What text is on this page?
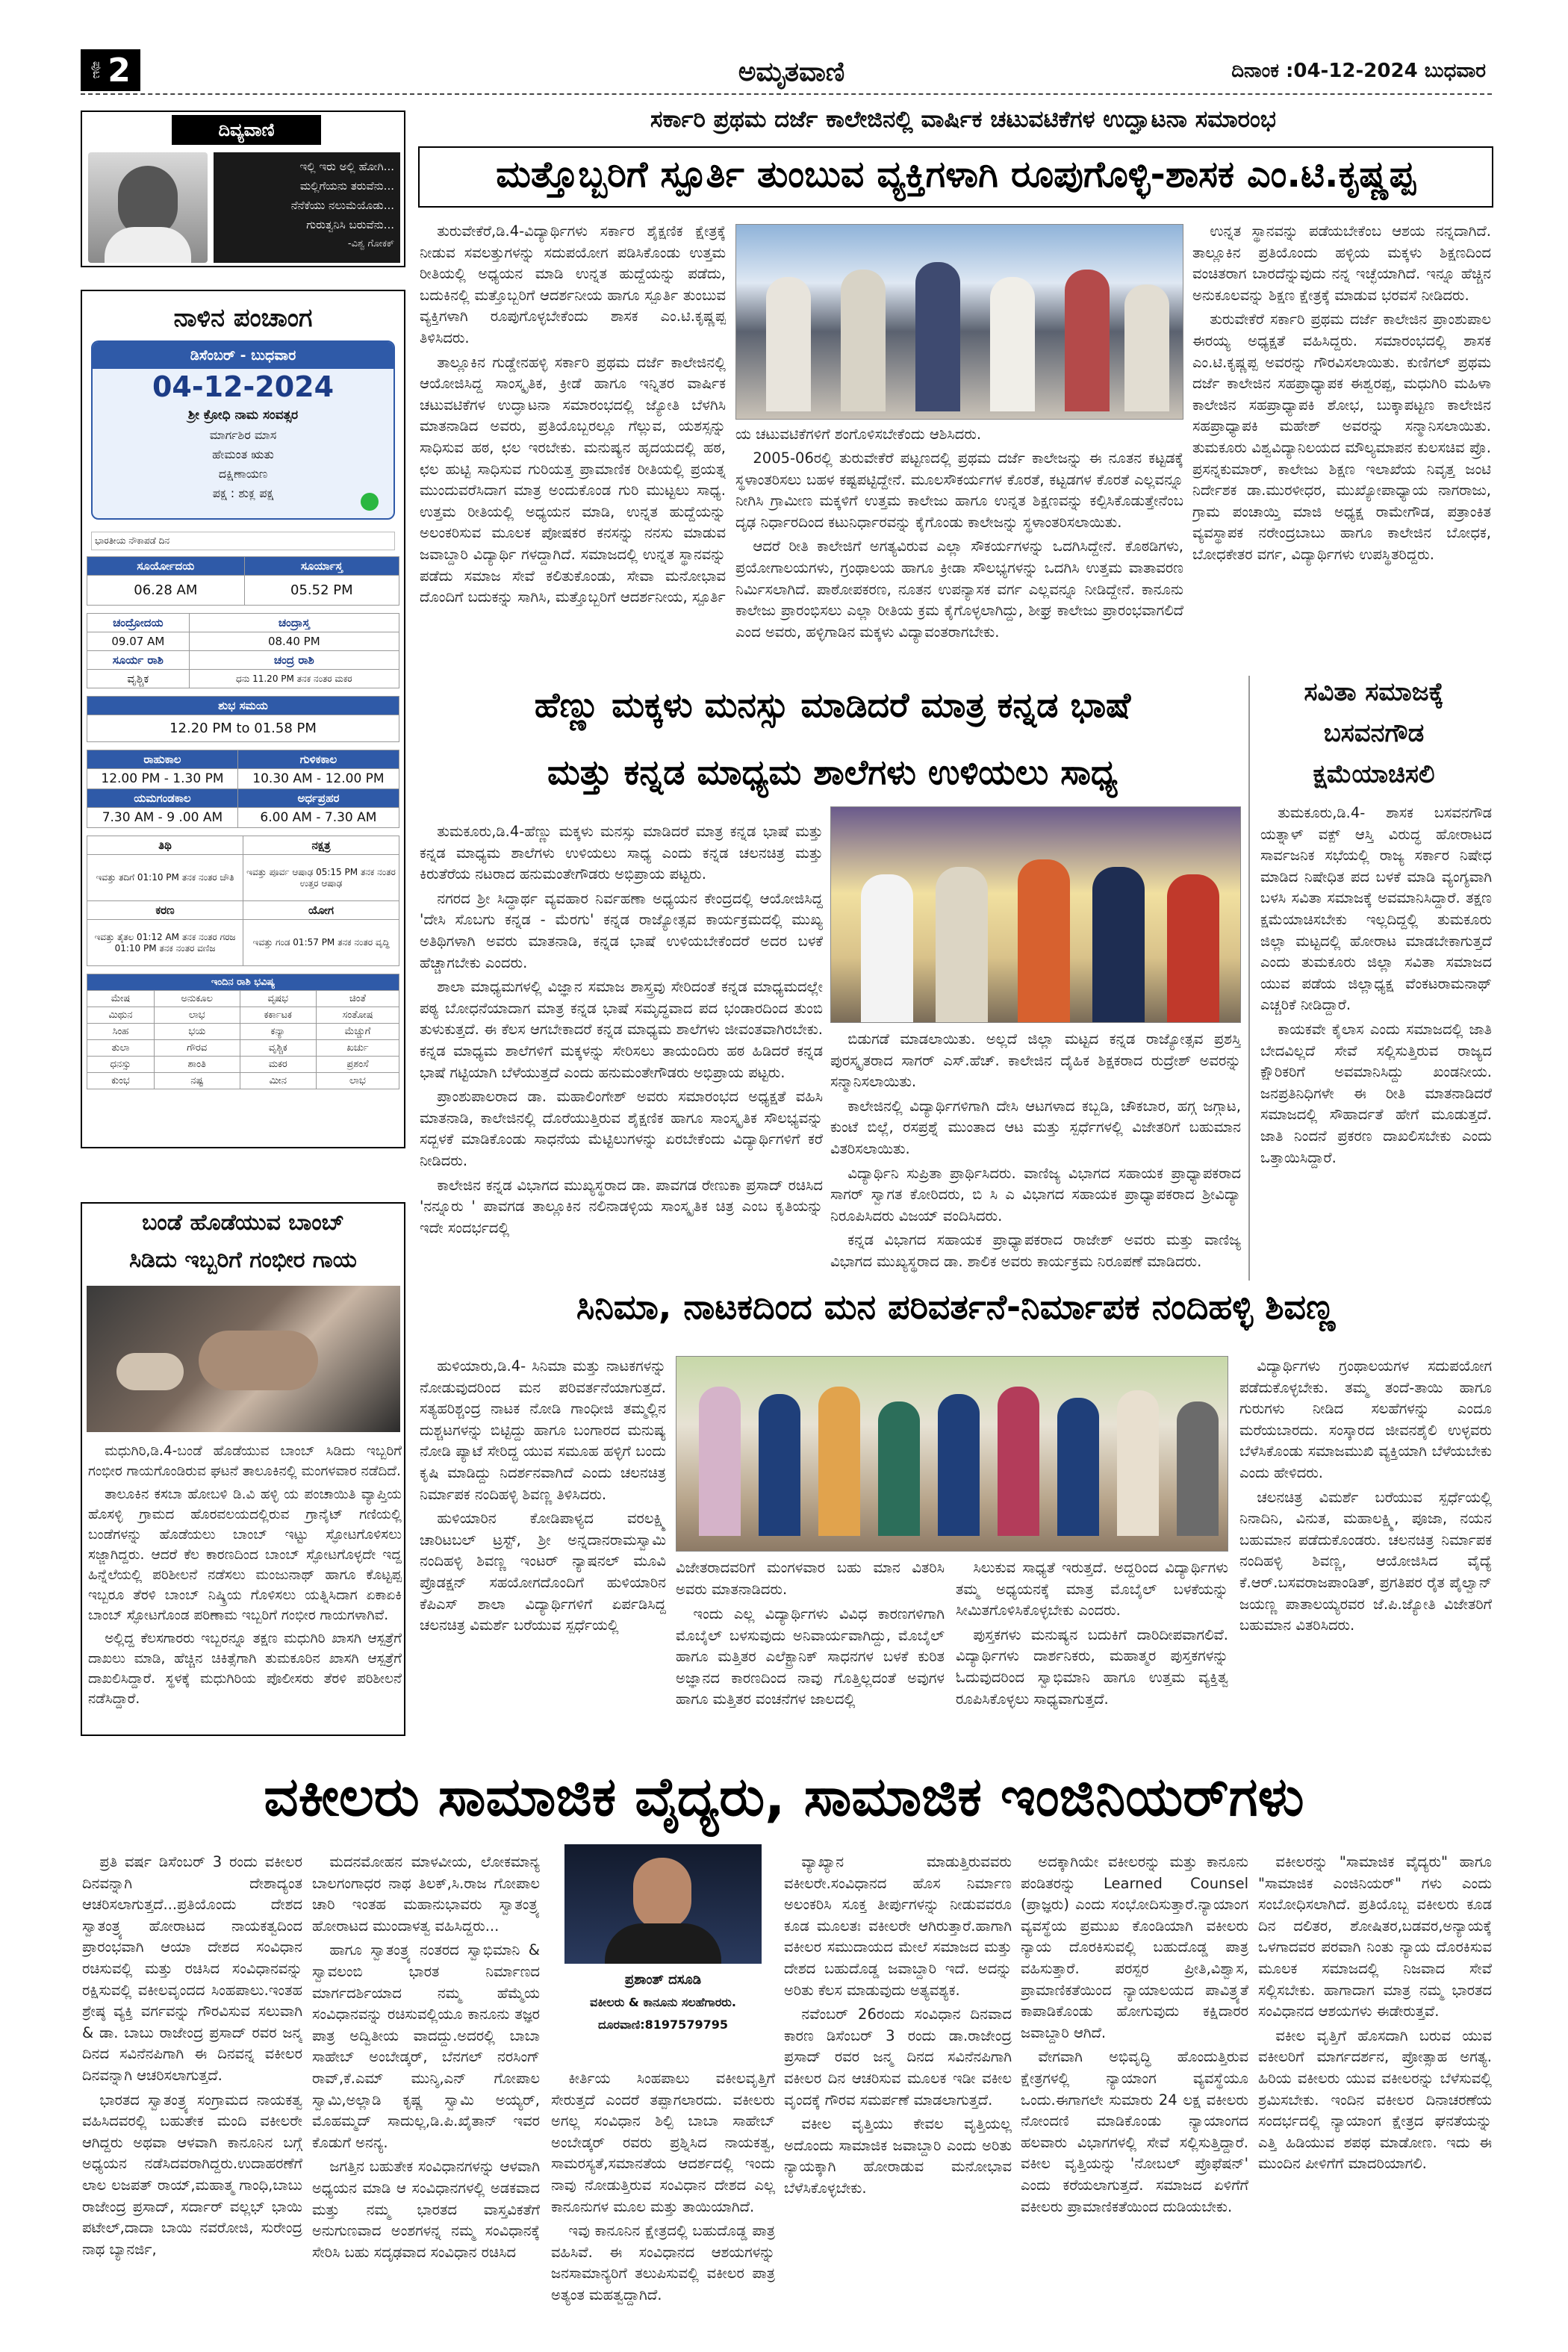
ಪುಟ 2	ಅಮೃತವಾಣಿ	ದಿನಾಂಕ :04-12-2024 ಬುಧವಾರ
ದಿವ್ಯವಾಣಿ
ಇಲ್ಲಿ ಇರು ಅಲ್ಲಿ ಹೋಗಿ...
ಮಲ್ಲಿಗೆಯನು ತರುವೆನು...
ನೆನೆಕೆಯು ನಲುಮೆಯೊಡು...
ಗುರುತ್ವನಿಸಿ ಬರುವೆನು...
-ವಿಶ್ವ ಗೋಕಕ್
ನಾಳಿನ ಪಂಚಾಂಗ
ಡಿಸೆಂಬರ್ - ಬುಧವಾರ
04-12-2024
ಶ್ರೀ ಕ್ರೋಧಿ ನಾಮ ಸಂವತ್ಸರ
ಮಾರ್ಗಶಿರ ಮಾಸ
ಹೇಮಂತ ಋತು
ದಕ್ಷಿಣಾಯಣ
ಪಕ್ಷ : ಶುಕ್ಲ ಪಕ್ಷ
ಭಾರತೀಯ ನೌಕಾಪಡೆ ದಿನ
ಸೂರ್ಯೋದಯ	ಸೂರ್ಯಾಸ್ತ
06.28 AM	05.52 PM
ಚಂದ್ರೋದಯ	ಚಂದ್ರಾಸ್ತ
09.07 AM	08.40 PM
ಸೂರ್ಯ ರಾಶಿ	ಚಂದ್ರ ರಾಶಿ
ವೃಶ್ಚಿಕ	ಧನು 11.20 PM ತನಕ ನಂತರ ಮಕರ
ಶುಭ ಸಮಯ
12.20 PM to 01.58 PM
ರಾಹುಕಾಲ	ಗುಳಿಕಕಾಲ
12.00 PM - 1.30 PM	10.30 AM - 12.00 PM
ಯಮಗಂಡಕಾಲ	ಅರ್ಧಪ್ರಹರ
7.30 AM - 9 .00 AM	6.00 AM - 7.30 AM
ತಿಥಿ	ನಕ್ಷತ್ರ
ಇವತ್ತು ತದಿಗೆ 01:10 PM ತನಕ ನಂತರ ಚೌತಿ	ಇವತ್ತು ಪೂರ್ವ ಆಷಾಢ 05:15 PM ತನಕ ನಂತರ ಉತ್ತರ ಆಷಾಢ
ಕರಣ	ಯೋಗ
ಇವತ್ತು ತೈತಲ 01:12 AM ತನಕ ನಂತರ ಗರಜ 01:10 PM ತನಕ ನಂತರ ವಣಿಜ	ಇವತ್ತು ಗಂಡ 01:57 PM ತನಕ ನಂತರ ವೃದ್ಧಿ
ಇಂದಿನ ರಾಶಿ ಭವಿಷ್ಯ			
ಮೇಷ	ಅನುಕೂಲ	ವೃಷಭ	ಚಿಂತೆ
ಮಿಥುನ	ಲಾಭ	ಕರ್ಕಾಟಕ	ಸಂತೋಷ
ಸಿಂಹ	ಭಯ	ಕನ್ಯಾ	ಮೆಚ್ಚುಗೆ
ತುಲಾ	ಗೌರವ	ವೃಶ್ಚಿಕ	ಖರ್ಚು
ಧನಸ್ಸು	ಶಾಂತಿ	ಮಕರ	ಪ್ರಶಂಸೆ
ಕುಂಭ	ನಷ್ಟ	ಮೀನ	ಲಾಭ
ಬಂಡೆ ಹೊಡೆಯುವ ಬಾಂಬ್
ಸಿಡಿದು ಇಬ್ಬರಿಗೆ ಗಂಭೀರ ಗಾಯ

ಮಧುಗಿರಿ,ಡಿ.4-ಬಂಡೆ ಹೊಡೆಯುವ ಬಾಂಬ್ ಸಿಡಿದು ಇಬ್ಬರಿಗೆ ಗಂಭೀರ ಗಾಯಗೊಂಡಿರುವ ಘಟನೆ ತಾಲೂಕಿನಲ್ಲಿ ಮಂಗಳವಾರ ನಡೆದಿದೆ.

ತಾಲೂಕಿನ ಕಸಬಾ ಹೋಬಳಿ ಡಿ.ವಿ ಹಳ್ಳಿ ಯ ಪಂಚಾಯಿತಿ ವ್ಯಾಪ್ತಿಯ ಹೊಸಳ್ಳಿ ಗ್ರಾಮದ ಹೊರವಲಯದಲ್ಲಿರುವ ಗ್ರಾನೈಟ್ ಗಣಿಯಲ್ಲಿ ಬಂಡೆಗಳನ್ನು ಹೊಡೆಯಲು ಬಾಂಬ್ ಇಟ್ಟು ಸ್ಫೋಟಗೊಳಿಸಲು ಸಜ್ಜಾಗಿದ್ದರು. ಆದರೆ ಕೆಲ ಕಾರಣದಿಂದ ಬಾಂಬ್ ಸ್ಫೋಟಗೊಳ್ಳದೇ ಇದ್ದ ಹಿನ್ನೆಲೆಯಲ್ಲಿ ಪರಿಶೀಲನೆ ನಡೆಸಲು ಮಂಜುನಾಥ್ ಹಾಗೂ ಕೊಟ್ಟಪ್ಪ ಇಬ್ಬರೂ ತೆರಳಿ ಬಾಂಬ್ ನಿಷ್ಕ್ರಿಯ ಗೊಳಿಸಲು ಯತ್ನಿಸಿದಾಗ ಏಕಾಏಕಿ ಬಾಂಬ್ ಸ್ಫೋಟಗೊಂಡ ಪರಿಣಾಮ ಇಬ್ಬರಿಗೆ ಗಂಭೀರ ಗಾಯಗಳಾಗಿವೆ.

ಅಲ್ಲಿದ್ದ ಕೆಲಸಗಾರರು ಇಬ್ಬರನ್ನೂ ತಕ್ಷಣ ಮಧುಗಿರಿ ಖಾಸಗಿ ಆಸ್ಪತ್ರೆಗೆ ದಾಖಲು ಮಾಡಿ, ಹೆಚ್ಚಿನ ಚಿಕಿತ್ಸೆಗಾಗಿ ತುಮಕೂರಿನ ಖಾಸಗಿ ಆಸ್ಪತ್ರೆಗೆ ದಾಖಲಿಸಿದ್ದಾರೆ. ಸ್ಥಳಕ್ಕೆ ಮಧುಗಿರಿಯ ಪೊಲೀಸರು ತೆರಳಿ ಪರಿಶೀಲನೆ ನಡೆಸಿದ್ದಾರೆ.

ಸರ್ಕಾರಿ ಪ್ರಥಮ ದರ್ಜೆ ಕಾಲೇಜಿನಲ್ಲಿ ವಾರ್ಷಿಕ ಚಟುವಟಿಕೆಗಳ ಉದ್ಘಾಟನಾ ಸಮಾರಂಭ
ಮತ್ತೊಬ್ಬರಿಗೆ ಸ್ಪೂರ್ತಿ ತುಂಬುವ ವ್ಯಕ್ತಿಗಳಾಗಿ ರೂಪುಗೊಳ್ಳಿ-ಶಾಸಕ ಎಂ.ಟಿ.ಕೃಷ್ಣಪ್ಪ

ತುರುವೇಕೆರೆ,ಡಿ.4-ವಿದ್ಯಾರ್ಥಿಗಳು ಸರ್ಕಾರ ಶೈಕ್ಷಣಿಕ ಕ್ಷೇತ್ರಕ್ಕೆ ನೀಡುವ ಸವಲತ್ತುಗಳನ್ನು ಸದುಪಯೋಗ ಪಡಿಸಿಕೊಂಡು ಉತ್ತಮ ರೀತಿಯಲ್ಲಿ ಅಧ್ಯಯನ ಮಾಡಿ ಉನ್ನತ ಹುದ್ದೆಯನ್ನು ಪಡೆದು, ಬದುಕಿನಲ್ಲಿ ಮತ್ತೊಬ್ಬರಿಗೆ ಆದರ್ಶನೀಯ ಹಾಗೂ ಸ್ಪೂರ್ತಿ ತುಂಬುವ ವ್ಯಕ್ತಿಗಳಾಗಿ ರೂಪುಗೊಳ್ಳಬೇಕೆಂದು ಶಾಸಕ ಎಂ.ಟಿ.ಕೃಷ್ಣಪ್ಪ ತಿಳಿಸಿದರು.

ತಾಲ್ಲೂಕಿನ ಗುಡ್ಡೇನಹಳ್ಳಿ ಸರ್ಕಾರಿ ಪ್ರಥಮ ದರ್ಜೆ ಕಾಲೇಜಿನಲ್ಲಿ ಆಯೋಜಿಸಿದ್ದ ಸಾಂಸ್ಕೃತಿಕ, ಕ್ರೀಡೆ ಹಾಗೂ ಇನ್ನಿತರ ವಾರ್ಷಿಕ ಚಟುವಟಿಕೆಗಳ ಉದ್ಘಾಟನಾ ಸಮಾರಂಭದಲ್ಲಿ ಜ್ಯೋತಿ ಬೆಳಗಿಸಿ ಮಾತನಾಡಿದ ಅವರು, ಪ್ರತಿಯೊಬ್ಬರಲ್ಲೂ ಗೆಲ್ಲುವ, ಯಶಸ್ಸನ್ನು ಸಾಧಿಸುವ ಹಠ, ಛಲ ಇರಬೇಕು. ಮನುಷ್ಯನ ಹೃದಯದಲ್ಲಿ ಹಠ, ಛಲ ಹುಟ್ಟಿ ಸಾಧಿಸುವ ಗುರಿಯತ್ತ ಪ್ರಾಮಾಣಿಕ ರೀತಿಯಲ್ಲಿ ಪ್ರಯತ್ನ ಮುಂದುವರೆಸಿದಾಗ ಮಾತ್ರ ಅಂದುಕೊಂಡ ಗುರಿ ಮುಟ್ಟಲು ಸಾಧ್ಯ. ಉತ್ತಮ ರೀತಿಯಲ್ಲಿ ಅಧ್ಯಯನ ಮಾಡಿ, ಉನ್ನತ ಹುದ್ದೆಯನ್ನು ಅಲಂಕರಿಸುವ ಮೂಲಕ ಪೋಷಕರ ಕನಸನ್ನು ನನಸು ಮಾಡುವ ಜವಾಬ್ದಾರಿ ವಿದ್ಯಾರ್ಥಿ ಗಳದ್ದಾಗಿದೆ. ಸಮಾಜದಲ್ಲಿ ಉನ್ನತ ಸ್ಥಾನವನ್ನು ಪಡೆದು ಸಮಾಜ ಸೇವೆ ಕಲಿತುಕೊಂಡು, ಸೇವಾ ಮನೋಭಾವ ದೊಂದಿಗೆ ಬದುಕನ್ನು ಸಾಗಿಸಿ, ಮತ್ತೊಬ್ಬರಿಗೆ ಆದರ್ಶನೀಯ, ಸ್ಪೂರ್ತಿ

ಯ ಚಟುವಟಿಕೆಗಳಿಗೆ ಶಂಗೊಳಿಸಬೇಕೆಂದು ಆಶಿಸಿದರು.

2005-06ರಲ್ಲಿ ತುರುವೇಕೆರೆ ಪಟ್ಟಣದಲ್ಲಿ ಪ್ರಥಮ ದರ್ಜೆ ಕಾಲೇಜನ್ನು ಈ ನೂತನ ಕಟ್ಟಡಕ್ಕೆ ಸ್ಥಳಾಂತರಿಸಲು ಬಹಳ ಕಷ್ಟಪಟ್ಟಿದ್ದೇನೆ. ಮೂಲಸೌಕರ್ಯಗಳ ಕೊರತೆ, ಕಟ್ಟಡಗಳ ಕೊರತೆ ಎಲ್ಲವನ್ನೂ ನೀಗಿಸಿ ಗ್ರಾಮೀಣ ಮಕ್ಕಳಿಗೆ ಉತ್ತಮ ಕಾಲೇಜು ಹಾಗೂ ಉನ್ನತ ಶಿಕ್ಷಣವನ್ನು ಕಲ್ಪಿಸಿಕೊಡುತ್ತೇನೆಂಬ ದೃಢ ನಿರ್ಧಾರದಿಂದ ಕಟುನಿರ್ಧಾರವನ್ನು ಕೈಗೊಂಡು ಕಾಲೇಜನ್ನು ಸ್ಥಳಾಂತರಿಸಲಾಯಿತು.

ಆದರೆ ರೀತಿ ಕಾಲೇಜಿಗೆ ಅಗತ್ಯವಿರುವ ಎಲ್ಲಾ ಸೌಕರ್ಯಗಳನ್ನು ಒದಗಿಸಿದ್ದೇನೆ. ಕೊಠಡಿಗಳು, ಪ್ರಯೋಗಾಲಯಗಳು, ಗ್ರಂಥಾಲಯ ಹಾಗೂ ಕ್ರೀಡಾ ಸೌಲಭ್ಯಗಳನ್ನು ಒದಗಿಸಿ ಉತ್ತಮ ವಾತಾವರಣ ನಿರ್ಮಿಸಲಾಗಿದೆ. ಪಾಠೋಪಕರಣ, ನೂತನ ಉಪನ್ಯಾಸಕ ವರ್ಗ ಎಲ್ಲವನ್ನೂ ನೀಡಿದ್ದೇನೆ. ಕಾನೂನು ಕಾಲೇಜು ಪ್ರಾರಂಭಿಸಲು ಎಲ್ಲಾ ರೀತಿಯ ಕ್ರಮ ಕೈಗೊಳ್ಳಲಾಗಿದ್ದು, ಶೀಘ್ರ ಕಾಲೇಜು ಪ್ರಾರಂಭವಾಗಲಿದೆ ಎಂದ ಅವರು, ಹಳ್ಳಿಗಾಡಿನ ಮಕ್ಕಳು ವಿದ್ಯಾವಂತರಾಗಬೇಕು.

ಉನ್ನತ ಸ್ಥಾನವನ್ನು ಪಡೆಯಬೇಕೆಂಬ ಆಶಯ ನನ್ನದಾಗಿದೆ. ತಾಲ್ಲೂಕಿನ ಪ್ರತಿಯೊಂದು ಹಳ್ಳಿಯ ಮಕ್ಕಳು ಶಿಕ್ಷಣದಿಂದ ವಂಚಿತರಾಗ ಬಾರದೆನ್ನುವುದು ನನ್ನ ಇಚ್ಛೆಯಾಗಿದೆ. ಇನ್ನೂ ಹೆಚ್ಚಿನ ಅನುಕೂಲವನ್ನು ಶಿಕ್ಷಣ ಕ್ಷೇತ್ರಕ್ಕೆ ಮಾಡುವ ಭರವಸೆ ನೀಡಿದರು.

ತುರುವೇಕೆರೆ ಸರ್ಕಾರಿ ಪ್ರಥಮ ದರ್ಜೆ ಕಾಲೇಜಿನ ಪ್ರಾಂಶುಪಾಲ ಈರಯ್ಯ ಅಧ್ಯಕ್ಷತೆ ವಹಿಸಿದ್ದರು. ಸಮಾರಂಭದಲ್ಲಿ ಶಾಸಕ ಎಂ.ಟಿ.ಕೃಷ್ಣಪ್ಪ ಅವರನ್ನು ಗೌರವಿಸಲಾಯಿತು. ಕುಣಿಗಲ್ ಪ್ರಥಮ ದರ್ಜೆ ಕಾಲೇಜಿನ ಸಹಪ್ರಾಧ್ಯಾಪಕ ಈಶ್ವರಪ್ಪ, ಮಧುಗಿರಿ ಮಹಿಳಾ ಕಾಲೇಜಿನ ಸಹಪ್ರಾಧ್ಯಾಪಕಿ ಶೋಭ, ಬುಕ್ಕಾಪಟ್ಟಣ ಕಾಲೇಜಿನ ಸಹಪ್ರಾಧ್ಯಾಪಕಿ ಮಹೇಶ್ ಅವರನ್ನು ಸನ್ಮಾನಿಸಲಾಯಿತು. ತುಮಕೂರು ವಿಶ್ವವಿದ್ಯಾನಿಲಯದ ಮೌಲ್ಯಮಾಪನ ಕುಲಸಚಿವ ಪ್ರೊ. ಪ್ರಸನ್ನಕುಮಾರ್, ಕಾಲೇಜು ಶಿಕ್ಷಣ ಇಲಾಖೆಯ ನಿವೃತ್ತ ಜಂಟಿ ನಿರ್ದೇಶಕ ಡಾ.ಮುರಳೀಧರ, ಮುಖ್ಯೋಪಾಧ್ಯಾಯ ನಾಗರಾಜು, ಗ್ರಾಮ ಪಂಚಾಯ್ತಿ ಮಾಜಿ ಅಧ್ಯಕ್ಷ ರಾಮೇಗೌಡ, ಪತ್ರಾಂಕಿತ ವ್ಯವಸ್ಥಾಪಕ ನರೇಂದ್ರಬಾಬು ಹಾಗೂ ಕಾಲೇಜಿನ ಬೋಧಕ, ಬೋಧಕೇತರ ವರ್ಗ, ವಿದ್ಯಾರ್ಥಿಗಳು ಉಪಸ್ಥಿತರಿದ್ದರು.

ಹೆಣ್ಣು ಮಕ್ಕಳು ಮನಸ್ಸು ಮಾಡಿದರೆ ಮಾತ್ರ ಕನ್ನಡ ಭಾಷೆ
ಮತ್ತು ಕನ್ನಡ ಮಾಧ್ಯಮ ಶಾಲೆಗಳು ಉಳಿಯಲು ಸಾಧ್ಯ

ತುಮಕೂರು,ಡಿ.4-ಹೆಣ್ಣು ಮಕ್ಕಳು ಮನಸ್ಸು ಮಾಡಿದರೆ ಮಾತ್ರ ಕನ್ನಡ ಭಾಷೆ ಮತ್ತು ಕನ್ನಡ ಮಾಧ್ಯಮ ಶಾಲೆಗಳು ಉಳಿಯಲು ಸಾಧ್ಯ ಎಂದು ಕನ್ನಡ ಚಲನಚಿತ್ರ ಮತ್ತು ಕಿರುತೆರೆಯ ನಟರಾದ ಹನುಮಂತೇಗೌಡರು ಅಭಿಪ್ರಾಯ ಪಟ್ಟರು.

ನಗರದ ಶ್ರೀ ಸಿದ್ಧಾರ್ಥ ವ್ಯವಹಾರ ನಿರ್ವಹಣಾ ಅಧ್ಯಯನ ಕೇಂದ್ರದಲ್ಲಿ ಆಯೋಜಿಸಿದ್ದ 'ದೇಸಿ ಸೊಬಗು ಕನ್ನಡ - ಮೆರಗು' ಕನ್ನಡ ರಾಜ್ಯೋತ್ಸವ ಕಾರ್ಯಕ್ರಮದಲ್ಲಿ ಮುಖ್ಯ ಅತಿಥಿಗಳಾಗಿ ಅವರು ಮಾತನಾಡಿ, ಕನ್ನಡ ಭಾಷೆ ಉಳಿಯಬೇಕೆಂದರೆ ಅದರ ಬಳಕೆ ಹೆಚ್ಚಾಗಬೇಕು ಎಂದರು.

ಶಾಲಾ ಮಾಧ್ಯಮಗಳಲ್ಲಿ ವಿಜ್ಞಾನ ಸಮಾಜ ಶಾಸ್ತ್ರವು ಸೇರಿದಂತೆ ಕನ್ನಡ ಮಾಧ್ಯಮದಲ್ಲೇ ಪಠ್ಯ ಬೋಧನೆಯಾದಾಗ ಮಾತ್ರ ಕನ್ನಡ ಭಾಷೆ ಸಮೃದ್ಧವಾದ ಪದ ಭಂಡಾರದಿಂದ ತುಂಬಿ ತುಳುಕುತ್ತದೆ. ಈ ಕೆಲಸ ಆಗಬೇಕಾದರೆ ಕನ್ನಡ ಮಾಧ್ಯಮ ಶಾಲೆಗಳು ಜೀವಂತವಾಗಿರಬೇಕು. ಕನ್ನಡ ಮಾಧ್ಯಮ ಶಾಲೆಗಳಿಗೆ ಮಕ್ಕಳನ್ನು ಸೇರಿಸಲು ತಾಯಂದಿರು ಹಠ ಹಿಡಿದರೆ ಕನ್ನಡ ಭಾಷೆ ಗಟ್ಟಿಯಾಗಿ ಬೆಳೆಯುತ್ತದೆ ಎಂದು ಹನುಮಂತೇಗೌಡರು ಅಭಿಪ್ರಾಯ ಪಟ್ಟರು.

ಪ್ರಾಂಶುಪಾಲರಾದ ಡಾ. ಮಹಾಲಿಂಗೇಶ್ ಅವರು ಸಮಾರಂಭದ ಅಧ್ಯಕ್ಷತೆ ವಹಿಸಿ ಮಾತನಾಡಿ, ಕಾಲೇಜಿನಲ್ಲಿ ದೊರೆಯುತ್ತಿರುವ ಶೈಕ್ಷಣಿಕ ಹಾಗೂ ಸಾಂಸ್ಕೃತಿಕ ಸೌಲಭ್ಯವನ್ನು ಸದ್ಬಳಕೆ ಮಾಡಿಕೊಂಡು ಸಾಧನೆಯ ಮೆಟ್ಟಿಲುಗಳನ್ನು ಏರಬೇಕೆಂದು ವಿದ್ಯಾರ್ಥಿಗಳಿಗೆ ಕರೆ ನೀಡಿದರು.

ಕಾಲೇಜಿನ ಕನ್ನಡ ವಿಭಾಗದ ಮುಖ್ಯಸ್ಥರಾದ ಡಾ. ಪಾವಗಡ ರೇಣುಕಾ ಪ್ರಸಾದ್ ರಚಿಸಿದ 'ನನ್ನೂರು ' ಪಾವಗಡ ತಾಲ್ಲೂಕಿನ ನಲಿನಾಡಳ್ಳಿಯ ಸಾಂಸ್ಕೃತಿಕ ಚಿತ್ರ ಎಂಬ ಕೃತಿಯನ್ನು ಇದೇ ಸಂದರ್ಭದಲ್ಲಿ

ಬಿಡುಗಡೆ ಮಾಡಲಾಯಿತು. ಅಲ್ಲದೆ ಜಿಲ್ಲಾ ಮಟ್ಟದ ಕನ್ನಡ ರಾಜ್ಯೋತ್ಸವ ಪ್ರಶಸ್ತಿ ಪುರಸ್ಕೃತರಾದ ಸಾಗರ್ ಎಸ್.ಹೆಚ್. ಕಾಲೇಜಿನ ದೈಹಿಕ ಶಿಕ್ಷಕರಾದ ರುದ್ರೇಶ್ ಅವರನ್ನು ಸನ್ಮಾನಿಸಲಾಯಿತು.

ಕಾಲೇಜಿನಲ್ಲಿ ವಿದ್ಯಾರ್ಥಿಗಳಿಗಾಗಿ ದೇಸಿ ಆಟಗಳಾದ ಕಬ್ಬಡಿ, ಚೌಕಬಾರ, ಹಗ್ಗ ಜಗ್ಗಾಟ, ಕುಂಟೆ ಬಿಲ್ಲೆ, ರಸಪ್ರಶ್ನೆ ಮುಂತಾದ ಆಟ ಮತ್ತು ಸ್ಪರ್ಧೆಗಳಲ್ಲಿ ವಿಜೇತರಿಗೆ ಬಹುಮಾನ ವಿತರಿಸಲಾಯಿತು.

ವಿದ್ಯಾರ್ಥಿನಿ ಸುಪ್ರಿತಾ ಪ್ರಾರ್ಥಿಸಿದರು. ವಾಣಿಜ್ಯ ವಿಭಾಗದ ಸಹಾಯಕ ಪ್ರಾಧ್ಯಾಪಕರಾದ ಸಾಗರ್ ಸ್ವಾಗತ ಕೋರಿದರು, ಬಿ ಸಿ ಎ ವಿಭಾಗದ ಸಹಾಯಕ ಪ್ರಾಧ್ಯಾಪಕರಾದ ಶ್ರೀವಿದ್ಯಾ ನಿರೂಪಿಸಿದರು ವಿಜಯ್ ವಂದಿಸಿದರು.

ಕನ್ನಡ ವಿಭಾಗದ ಸಹಾಯಕ ಪ್ರಾಧ್ಯಾಪಕರಾದ ರಾಜೇಶ್ ಅವರು ಮತ್ತು ವಾಣಿಜ್ಯ ವಿಭಾಗದ ಮುಖ್ಯಸ್ಥರಾದ ಡಾ. ಶಾಲಿಕ ಅವರು ಕಾರ್ಯಕ್ರಮ ನಿರೂಪಣೆ ಮಾಡಿದರು.

ಸವಿತಾ ಸಮಾಜಕ್ಕೆ
ಬಸವನಗೌಡ
ಕ್ಷಮೆಯಾಚಿಸಲಿ

ತುಮಕೂರು,ಡಿ.4- ಶಾಸಕ ಬಸವನಗೌಡ ಯತ್ನಾಳ್ ವಕ್ಪ್ ಆಸ್ತಿ ವಿರುದ್ಧ ಹೋರಾಟದ ಸಾರ್ವಜನಿಕ ಸಭೆಯಲ್ಲಿ ರಾಜ್ಯ ಸರ್ಕಾರ ನಿಷೇಧ ಮಾಡಿದ ನಿಷೇಧಿತ ಪದ ಬಳಕೆ ಮಾಡಿ ವ್ಯಂಗ್ಯವಾಗಿ ಬಳಸಿ ಸವಿತಾ ಸಮಾಜಕ್ಕೆ ಅವಮಾನಿಸಿದ್ದಾರೆ. ತಕ್ಷಣ ಕ್ಷಮೆಯಾಚಿಸಬೇಕು ಇಲ್ಲದಿದ್ದಲ್ಲಿ ತುಮಕೂರು ಜಿಲ್ಲಾ ಮಟ್ಟದಲ್ಲಿ ಹೋರಾಟ ಮಾಡಬೇಕಾಗುತ್ತದೆ ಎಂದು ತುಮಕೂರು ಜಿಲ್ಲಾ ಸವಿತಾ ಸಮಾಜದ ಯುವ ಪಡೆಯ ಜಿಲ್ಲಾಧ್ಯಕ್ಷ ವೆಂಕಟರಾಮನಾಥ್ ಎಚ್ಚರಿಕೆ ನೀಡಿದ್ದಾರೆ.

ಕಾಯಕವೇ ಕೈಲಾಸ ಎಂದು ಸಮಾಜದಲ್ಲಿ ಜಾತಿ ಬೇದವಿಲ್ಲದೆ ಸೇವೆ ಸಲ್ಲಿಸುತ್ತಿರುವ ರಾಜ್ಯದ ಕ್ಷೌರಿಕರಿಗೆ ಅವಮಾನಿಸಿದ್ದು ಖಂಡನೀಯ. ಜನಪ್ರತಿನಿಧಿಗಳೇ ಈ ರೀತಿ ಮಾತನಾಡಿದರೆ ಸಮಾಜದಲ್ಲಿ ಸೌಹಾರ್ದತೆ ಹೇಗೆ ಮೂಡುತ್ತದೆ. ಜಾತಿ ನಿಂದನೆ ಪ್ರಕರಣ ದಾಖಲಿಸಬೇಕು ಎಂದು ಒತ್ತಾಯಿಸಿದ್ದಾರೆ.

ಸಿನಿಮಾ, ನಾಟಕದಿಂದ ಮನ ಪರಿವರ್ತನೆ-ನಿರ್ಮಾಪಕ ನಂದಿಹಳ್ಳಿ ಶಿವಣ್ಣ

ಹುಳಿಯಾರು,ಡಿ.4- ಸಿನಿಮಾ ಮತ್ತು ನಾಟಕಗಳನ್ನು ನೋಡುವುದರಿಂದ ಮನ ಪರಿವರ್ತನೆಯಾಗುತ್ತದೆ. ಸತ್ಯಹರಿಶ್ಚಂದ್ರ ನಾಟಕ ನೋಡಿ ಗಾಂಧೀಜಿ ತಮ್ಮಲ್ಲಿನ ದುಶ್ಚಟಗಳನ್ನು ಬಿಟ್ಟಿದ್ದು ಹಾಗೂ ಬಂಗಾರದ ಮನುಷ್ಯ ನೋಡಿ ಪ್ಯಾಟೆ ಸೇರಿದ್ದ ಯುವ ಸಮೂಹ ಹಳ್ಳಿಗೆ ಬಂದು ಕೃಷಿ ಮಾಡಿದ್ದು ನಿದರ್ಶನವಾಗಿದೆ ಎಂದು ಚಲನಚಿತ್ರ ನಿರ್ಮಾಪಕ ನಂದಿಹಳ್ಳಿ ಶಿವಣ್ಣ ತಿಳಿಸಿದರು.

ಹುಳಿಯಾರಿನ ಕೋಡಿಪಾಳ್ಯದ ವರಲಕ್ಷ್ಮಿ ಚಾರಿಟಬಲ್ ಟ್ರಸ್ಟ್, ಶ್ರೀ ಅನ್ನದಾನರಾಮಸ್ವಾಮಿ ನಂದಿಹಳ್ಳಿ ಶಿವಣ್ಣ ಇಂಟರ್ ನ್ಯಾಷನಲ್ ಮೂವಿ ಪ್ರೊಡಕ್ಷನ್ ಸಹಯೋಗದೊಂದಿಗೆ ಹುಳಿಯಾರಿನ ಕೆಪಿಎಸ್ ಶಾಲಾ ವಿದ್ಯಾರ್ಥಿಗಳಿಗೆ ಏರ್ಪಡಿಸಿದ್ದ ಚಲನಚಿತ್ರ ವಿಮರ್ಶೆ ಬರೆಯುವ ಸ್ಪರ್ಧೆಯಲ್ಲಿ

ವಿಜೇತರಾದವರಿಗೆ ಮಂಗಳವಾರ ಬಹು ಮಾನ ವಿತರಿಸಿ ಅವರು ಮಾತನಾಡಿದರು.

ಇಂದು ಎಲ್ಲ ವಿದ್ಯಾರ್ಥಿಗಳು ವಿವಿಧ ಕಾರಣಗಳಿಗಾಗಿ ಮೊಬೈಲ್ ಬಳಸುವುದು ಅನಿವಾರ್ಯವಾಗಿದ್ದು, ಮೊಬೈಲ್ ಹಾಗೂ ಮತ್ತಿತರ ಎಲೆಕ್ಟ್ರಾನಿಕ್ ಸಾಧನಗಳ ಬಳಕೆ ಕುರಿತ ಅಜ್ಞಾನದ ಕಾರಣದಿಂದ ನಾವು ಗೊತ್ತಿಲ್ಲದಂತೆ ಅವುಗಳ ಹಾಗೂ ಮತ್ತಿತರ ವಂಚನೆಗಳ ಜಾಲದಲ್ಲಿ

ಸಿಲುಕುವ ಸಾಧ್ಯತೆ ಇರುತ್ತದೆ. ಅದ್ದರಿಂದ ವಿದ್ಯಾರ್ಥಿಗಳು ತಮ್ಮ ಅಧ್ಯಯನಕ್ಕೆ ಮಾತ್ರ ಮೊಬೈಲ್ ಬಳಕೆಯನ್ನು ಸೀಮಿತಗೊಳಿಸಿಕೊಳ್ಳಬೇಕು ಎಂದರು.

ಪುಸ್ತಕಗಳು ಮನುಷ್ಯನ ಬದುಕಿಗೆ ದಾರಿದೀಪವಾಗಲಿವೆ. ವಿದ್ಯಾರ್ಥಿಗಳು ದಾರ್ಶನಿಕರು, ಮಹಾತ್ಮರ ಪುಸ್ತಕಗಳನ್ನು ಓದುವುದರಿಂದ ಸ್ವಾಭಿಮಾನಿ ಹಾಗೂ ಉತ್ತಮ ವ್ಯಕ್ತಿತ್ವ ರೂಪಿಸಿಕೊಳ್ಳಲು ಸಾಧ್ಯವಾಗುತ್ತದೆ.

ವಿದ್ಯಾರ್ಥಿಗಳು ಗ್ರಂಥಾಲಯಗಳ ಸದುಪಯೋಗ ಪಡೆದುಕೊಳ್ಳಬೇಕು. ತಮ್ಮ ತಂದೆ-ತಾಯಿ ಹಾಗೂ ಗುರುಗಳು ನೀಡಿದ ಸಲಹೆಗಳನ್ನು ಎಂದೂ ಮರೆಯಬಾರದು. ಸಂಸ್ಕಾರದ ಜೀವನಶೈಲಿ ಉಳ್ಳವರು ಬೆಳೆಸಿಕೊಂಡು ಸಮಾಜಮುಖಿ ವ್ಯಕ್ತಿಯಾಗಿ ಬೆಳೆಯಬೇಕು ಎಂದು ಹೇಳಿದರು.

ಚಲನಚಿತ್ರ ವಿಮರ್ಶೆ ಬರೆಯುವ ಸ್ಪರ್ಧೆಯಲ್ಲಿ ನಿನಾದಿನಿ, ವಿನುತ, ಮಹಾಲಕ್ಷ್ಮಿ, ಪೂಜಾ, ನಯನ ಬಹುಮಾನ ಪಡೆದುಕೊಂಡರು. ಚಲನಚಿತ್ರ ನಿರ್ಮಾಪಕ ನಂದಿಹಳ್ಳಿ ಶಿವಣ್ಣ, ಆಯೋಜಿಸಿದ ವೈದ್ಯೆ ಕೆ.ಆರ್.ಬಸವರಾಜಪಾಂಡಿತ್, ಪ್ರಗತಿಪರ ರೈತ ಪೈಲ್ವಾನ್ ಜಯಣ್ಣ ಪಾತಾಲಯ್ಯರವರ ಜೆ.ಪಿ.ಜ್ಯೋತಿ ವಿಜೇತರಿಗೆ ಬಹುಮಾನ ವಿತರಿಸಿದರು.

ವಕೀಲರು ಸಾಮಾಜಿಕ ವೈದ್ಯರು, ಸಾಮಾಜಿಕ ಇಂಜಿನಿಯರ್‌ಗಳು

ಪ್ರತಿ ವರ್ಷ ಡಿಸೆಂಬರ್ 3 ರಂದು ವಕೀಲರ ದಿನವನ್ನಾಗಿ ದೇಶಾದ್ಯಂತ ಆಚರಿಸಲಾಗುತ್ತದೆ...ಪ್ರತಿಯೊಂದು ದೇಶದ ಸ್ವಾತಂತ್ರ್ಯ ಹೋರಾಟದ ನಾಯಕತ್ವದಿಂದ ಪ್ರಾರಂಭವಾಗಿ ಆಯಾ ದೇಶದ ಸಂವಿಧಾನ ರಚಿಸುವಲ್ಲಿ ಮತ್ತು ರಚಿಸಿದ ಸಂವಿಧಾನವನ್ನು ರಕ್ಷಿಸುವಲ್ಲಿ ವಕೀಲವೃಂದದ ಸಿಂಹಪಾಲು.ಇಂತಹ ಶ್ರೇಷ್ಠ ವ್ಯಕ್ತಿ ವರ್ಗವನ್ನು ಗೌರವಿಸುವ ಸಲುವಾಗಿ & ಡಾ. ಬಾಬು ರಾಜೇಂದ್ರ ಪ್ರಸಾದ್ ರವರ ಜನ್ಮ ದಿನದ ಸವಿನೆನಪಿಗಾಗಿ ಈ ದಿನವನ್ನ ವಕೀಲರ ದಿನವನ್ನಾಗಿ ಆಚರಿಸಲಾಗುತ್ತದೆ.

ಭಾರತದ ಸ್ವಾತಂತ್ರ್ಯ ಸಂಗ್ರಾಮದ ನಾಯಕತ್ವ ವಹಿಸಿದವರಲ್ಲಿ ಬಹುತೇಕ ಮಂದಿ ವಕೀಲರೇ ಆಗಿದ್ದರು ಅಥವಾ ಆಳವಾಗಿ ಕಾನೂನಿನ ಬಗ್ಗೆ ಅಧ್ಯಯನ ನಡೆಸಿದವರಾಗಿದ್ದರು.ಉದಾಹರಣೆಗೆ ಲಾಲ ಲಜಪತ್ ರಾಯ್,ಮಹಾತ್ಮ ಗಾಂಧಿ,ಬಾಬು ರಾಜೇಂದ್ರ ಪ್ರಸಾದ್, ಸರ್ದಾರ್ ವಲ್ಲಭ್ ಭಾಯಿ ಪಟೇಲ್,ದಾದಾ ಬಾಯಿ ನವರೋಜಿ, ಸುರೇಂದ್ರ ನಾಥ ಬ್ಯಾನರ್ಜಿ,

ಮದನಮೋಹನ ಮಾಳವೀಯ, ಲೋಕಮಾನ್ಯ ಬಾಲಗಂಗಾಧರ ನಾಥ ತಿಲಕ್,ಸಿ.ರಾಜ ಗೋಪಾಲ ಚಾರಿ ಇಂತಹ ಮಹಾನುಭಾವರು ಸ್ವಾತಂತ್ರ್ಯ ಹೋರಾಟದ ಮುಂದಾಳತ್ವ ವಹಿಸಿದ್ದರು...

ಹಾಗೂ ಸ್ವಾತಂತ್ರ್ಯ ನಂತರದ ಸ್ವಾಭಿಮಾನಿ & ಸ್ವಾವಲಂಬಿ ಭಾರತ ನಿರ್ಮಾಣದ ಮಾರ್ಗದರ್ಶಿಯಾದ ನಮ್ಮ ಹೆಮ್ಮೆಯ ಸಂವಿಧಾನವನ್ನು ರಚಿಸುವಲ್ಲಿಯೂ ಕಾನೂನು ತಜ್ಞರ ಪಾತ್ರ ಅದ್ವಿತೀಯ ವಾದದ್ದು.ಅದರಲ್ಲಿ ಬಾಬಾ ಸಾಹೇಬ್ ಅಂಬೇಡ್ಕರ್, ಬೆನಗಲ್ ನರಸಿಂಗ್ ರಾವ್,ಕೆ.ಎಮ್ ಮುನ್ಶಿ,ಎನ್ ಗೋಪಾಲ ಸ್ವಾಮಿ,ಅಲ್ಲಾಡಿ ಕೃಷ್ಣ ಸ್ವಾಮಿ ಅಯ್ಯರ್, ಮೊಹಮ್ಮದ್ ಸಾದುಲ್ಲ,ಡಿ.ಪಿ.ಖೈತಾನ್ ಇವರ ಕೊಡುಗೆ ಅನನ್ಯ.

ಜಗತ್ತಿನ ಬಹುತೇಕ ಸಂವಿಧಾನಗಳನ್ನು ಆಳವಾಗಿ ಅಧ್ಯಯನ ಮಾಡಿ ಆ ಸಂವಿಧಾನಗಳಲ್ಲಿ ಅಡಕವಾದ ಮತ್ತು ನಮ್ಮ ಭಾರತದ ವಾಸ್ತವಿಕತೆಗೆ ಅನುಗುಣವಾದ ಅಂಶಗಳನ್ನ ನಮ್ಮ ಸಂವಿಧಾನಕ್ಕೆ ಸೇರಿಸಿ ಬಹು ಸದೃಢವಾದ ಸಂವಿಧಾನ ರಚಿಸಿದ

ಪ್ರಶಾಂತ್ ದಸೂಡಿ
ವಕೀಲರು & ಕಾನೂನು ಸಲಹೆಗಾರರು.
ದೂರವಾಣಿ:8197579795

ಕೀರ್ತಿಯ ಸಿಂಹಪಾಲು ವಕೀಲವೃತ್ತಿಗೆ ಸೇರುತ್ತದೆ ಎಂದರೆ ತಪ್ಪಾಗಲಾರದು. ವಕೀಲರು ಅಗಲ್ಲ ಸಂವಿಧಾನ ಶಿಲ್ಪಿ ಬಾಬಾ ಸಾಹೇಬ್ ಅಂಬೇಡ್ಕರ್ ರವರು ಪ್ರಶ್ನಿಸಿದ ನಾಯಕತ್ವ, ಸಾಮರಸ್ಯತೆ,ಸಮಾನತೆಯ ಆದರ್ಶದಲ್ಲಿ ಇಂದು ನಾವು ನೋಡುತ್ತಿರುವ ಸಂವಿಧಾನ ದೇಶದ ಎಲ್ಲ ಕಾನೂನುಗಳ ಮೂಲ ಮತ್ತು ತಾಯಿಯಾಗಿದೆ.

ಇವು ಕಾನೂನಿನ ಕ್ಷೇತ್ರದಲ್ಲಿ ಬಹುದೊಡ್ಡ ಪಾತ್ರ ವಹಿಸಿವೆ. ಈ ಸಂವಿಧಾನದ ಆಶಯಗಳನ್ನು ಜನಸಾಮಾನ್ಯರಿಗೆ ತಲುಪಿಸುವಲ್ಲಿ ವಕೀಲರ ಪಾತ್ರ ಅತ್ಯಂತ ಮಹತ್ವದ್ದಾಗಿದೆ.

ವ್ಯಾಖ್ಯಾನ ಮಾಡುತ್ತಿರುವವರು ವಕೀಲರೇ.ಸಂವಿಧಾನದ ಹೊಸ ನಿರ್ಮಾಣ ಅಲಂಕರಿಸಿ ಸೂಕ್ತ ತೀರ್ಪುಗಳನ್ನು ನೀಡುವವರೂ ಕೂಡ ಮೂಲತಃ ವಕೀಲರೇ ಆಗಿರುತ್ತಾರೆ.ಹಾಗಾಗಿ ವಕೀಲರ ಸಮುದಾಯದ ಮೇಲೆ ಸಮಾಜದ ಮತ್ತು ದೇಶದ ಬಹುದೊಡ್ಡ ಜವಾಬ್ದಾರಿ ಇದೆ. ಅದನ್ನು ಅರಿತು ಕೆಲಸ ಮಾಡುವುದು ಅತ್ಯವಶ್ಯಕ.

ನವೆಂಬರ್ 26ರಂದು ಸಂವಿಧಾನ ದಿನವಾದ ಕಾರಣ ಡಿಸೆಂಬರ್ 3 ರಂದು ಡಾ.ರಾಜೇಂದ್ರ ಪ್ರಸಾದ್ ರವರ ಜನ್ಮ ದಿನದ ಸವಿನೆನಪಿಗಾಗಿ ವಕೀಲರ ದಿನ ಆಚರಿಸುವ ಮೂಲಕ ಇಡೀ ವಕೀಲ ವೃಂದಕ್ಕೆ ಗೌರವ ಸಮರ್ಪಣೆ ಮಾಡಲಾಗುತ್ತದೆ.

ವಕೀಲ ವೃತ್ತಿಯು ಕೇವಲ ವೃತ್ತಿಯಲ್ಲ ಅದೊಂದು ಸಾಮಾಜಿಕ ಜವಾಬ್ದಾರಿ ಎಂದು ಅರಿತು ನ್ಯಾಯಕ್ಕಾಗಿ ಹೋರಾಡುವ ಮನೋಭಾವ ಬೆಳೆಸಿಕೊಳ್ಳಬೇಕು.

ಅದಕ್ಕಾಗಿಯೇ ವಕೀಲರನ್ನು ಮತ್ತು ಕಾನೂನು ಪಂಡಿತರನ್ನು Learned Counsel (ಪ್ರಾಜ್ಞರು) ಎಂದು ಸಂಭೋದಿಸುತ್ತಾರೆ.ನ್ಯಾಯಾಂಗ ವ್ಯವಸ್ಥೆಯ ಪ್ರಮುಖ ಕೊಂಡಿಯಾಗಿ ವಕೀಲರು ನ್ಯಾಯ ದೊರಕಿಸುವಲ್ಲಿ ಬಹುದೊಡ್ಡ ಪಾತ್ರ ವಹಿಸುತ್ತಾರೆ. ಪರಸ್ಪರ ಪ್ರೀತಿ,ವಿಶ್ವಾಸ, ಪ್ರಾಮಾಣಿಕತೆಯಿಂದ ನ್ಯಾಯಾಲಯದ ಪಾವಿತ್ರ್ಯತೆ ಕಾಪಾಡಿಕೊಂಡು ಹೋಗುವುದು ಕಕ್ಷಿದಾರರ ಜವಾಬ್ದಾರಿ ಆಗಿದೆ.

ವೇಗವಾಗಿ ಅಭಿವೃದ್ಧಿ ಹೊಂದುತ್ತಿರುವ ಕ್ಷೇತ್ರಗಳಲ್ಲಿ ನ್ಯಾಯಾಂಗ ವ್ಯವಸ್ಥೆಯೂ ಒಂದು.ಈಗಾಗಲೇ ಸುಮಾರು 24 ಲಕ್ಷ ವಕೀಲರು ನೋಂದಣಿ ಮಾಡಿಕೊಂಡು ನ್ಯಾಯಾಂಗದ ಹಲವಾರು ವಿಭಾಗಗಳಲ್ಲಿ ಸೇವೆ ಸಲ್ಲಿಸುತ್ತಿದ್ದಾರೆ. ವಕೀಲ ವೃತ್ತಿಯನ್ನು 'ನೋಬಲ್ ಪ್ರೊಫೆಷನ್' ಎಂದು ಕರೆಯಲಾಗುತ್ತದೆ. ಸಮಾಜದ ಏಳಿಗೆಗೆ ವಕೀಲರು ಪ್ರಾಮಾಣಿಕತೆಯಿಂದ ದುಡಿಯಬೇಕು.

ವಕೀಲರನ್ನು "ಸಾಮಾಜಿಕ ವೈದ್ಯರು" ಹಾಗೂ "ಸಾಮಾಜಿಕ ಎಂಜಿನಿಯರ್" ಗಳು ಎಂದು ಸಂಬೋಧಿಸಲಾಗಿದೆ. ಪ್ರತಿಯೊಬ್ಬ ವಕೀಲರು ಕೂಡ ದಿನ ದಲಿತರ, ಶೋಷಿತರ,ಬಡವರ,ಅನ್ಯಾಯಕ್ಕೆ ಒಳಗಾದವರ ಪರವಾಗಿ ನಿಂತು ನ್ಯಾಯ ದೊರಕಿಸುವ ಮೂಲಕ ಸಮಾಜದಲ್ಲಿ ನಿಜವಾದ ಸೇವೆ ಸಲ್ಲಿಸಬೇಕು. ಹಾಗಾದಾಗ ಮಾತ್ರ ನಮ್ಮ ಭಾರತದ ಸಂವಿಧಾನದ ಆಶಯಗಳು ಈಡೇರುತ್ತವೆ.

ವಕೀಲ ವೃತ್ತಿಗೆ ಹೊಸದಾಗಿ ಬರುವ ಯುವ ವಕೀಲರಿಗೆ ಮಾರ್ಗದರ್ಶನ, ಪ್ರೋತ್ಸಾಹ ಅಗತ್ಯ. ಹಿರಿಯ ವಕೀಲರು ಯುವ ವಕೀಲರನ್ನು ಬೆಳೆಸುವಲ್ಲಿ ಶ್ರಮಿಸಬೇಕು. ಇಂದಿನ ವಕೀಲರ ದಿನಾಚರಣೆಯ ಸಂದರ್ಭದಲ್ಲಿ ನ್ಯಾಯಾಂಗ ಕ್ಷೇತ್ರದ ಘನತೆಯನ್ನು ಎತ್ತಿ ಹಿಡಿಯುವ ಶಪಥ ಮಾಡೋಣ. ಇದು ಈ ಮುಂದಿನ ಪೀಳಿಗೆಗೆ ಮಾದರಿಯಾಗಲಿ.
